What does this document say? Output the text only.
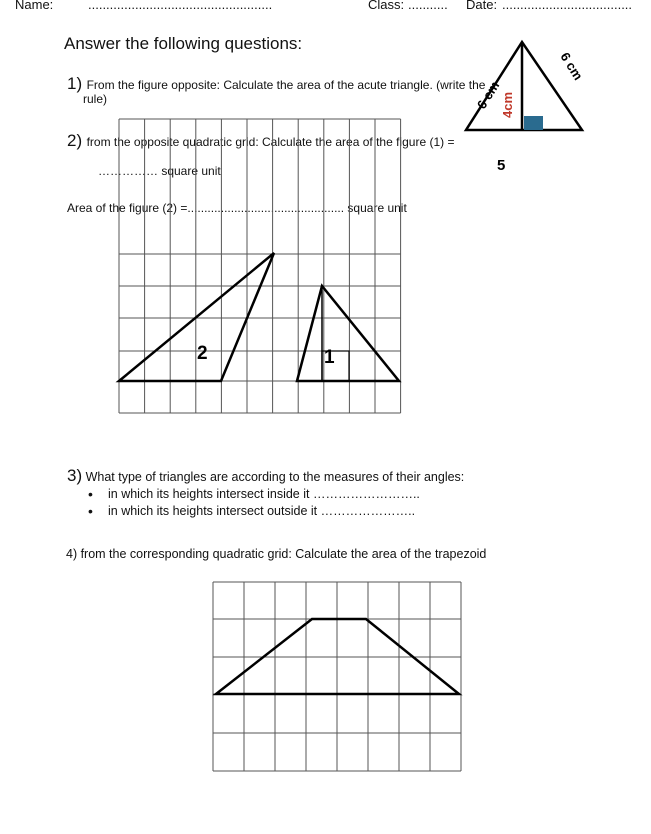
Name:	...................................................	Class: ........... Date: ....................................
Answer the following questions:
1) From the figure opposite: Calculate the area of the acute triangle. (write the
rule)
2) from the opposite quadratic grid: Calculate the area of the figure (1) =
…………… square unit
Area of the figure (2) =............................................... square unit
6 cm
4cm
6 cm
5
2	1
3) What type of triangles are according to the measures of their angles:
• in which its heights intersect inside it ……………………..
• in which its heights intersect outside it …………………..
4) from the corresponding quadratic grid: Calculate the area of the trapezoid
